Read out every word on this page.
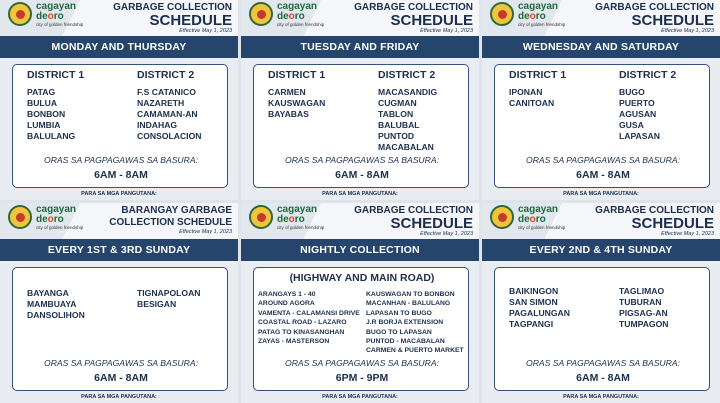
cagayan
deoro
city of golden friendship
GARBAGE COLLECTION
SCHEDULE
Effective May 1, 2023
MONDAY AND THURSDAY
DISTRICT 1
PATAG
BULUA
BONBON
LUMBIA
BALULANG
DISTRICT 2
F.S CATANICO
NAZARETH
CAMAMAN-AN
INDAHAG
CONSOLACION
ORAS SA PAGPAGAWAS SA BASURA:
6AM - 8AM
PARA SA MGA PANGUTANA:
cagayan
deoro
city of golden friendship
GARBAGE COLLECTION
SCHEDULE
Effective May 1, 2023
TUESDAY AND FRIDAY
DISTRICT 1
CARMEN
KAUSWAGAN
BAYABAS
DISTRICT 2
MACASANDIG
CUGMAN
TABLON
BALUBAL
PUNTOD
MACABALAN
ORAS SA PAGPAGAWAS SA BASURA:
6AM - 8AM
PARA SA MGA PANGUTANA:
cagayan
deoro
city of golden friendship
GARBAGE COLLECTION
SCHEDULE
Effective May 1, 2023
WEDNESDAY AND SATURDAY
DISTRICT 1
IPONAN
CANITOAN
DISTRICT 2
BUGO
PUERTO
AGUSAN
GUSA
LAPASAN
ORAS SA PAGPAGAWAS SA BASURA:
6AM - 8AM
PARA SA MGA PANGUTANA:
cagayan
deoro
city of golden friendship
BARANGAY GARBAGE
COLLECTION SCHEDULE
Effective May 1, 2023
EVERY 1ST & 3RD SUNDAY
BAYANGA
MAMBUAYA
DANSOLIHON
TIGNAPOLOAN
BESIGAN
ORAS SA PAGPAGAWAS SA BASURA:
6AM - 8AM
PARA SA MGA PANGUTANA:
cagayan
deoro
city of golden friendship
GARBAGE COLLECTION
SCHEDULE
Effective May 1, 2023
NIGHTLY COLLECTION
(HIGHWAY AND MAIN ROAD)
ARANGAYS 1 - 40
AROUND AGORA
VAMENTA - CALAMANSI DRIVE
COASTAL ROAD - LAZARO
PATAG TO KINASANGHAN
ZAYAS - MASTERSON
KAUSWAGAN TO BONBON
MACANHAN - BALULANG
LAPASAN TO BUGO
J.R BORJA EXTENSION
BUGO TO LAPASAN
PUNTOD - MACABALAN
CARMEN & PUERTO MARKET
ORAS SA PAGPAGAWAS SA BASURA:
6PM - 9PM
PARA SA MGA PANGUTANA:
cagayan
deoro
city of golden friendship
GARBAGE COLLECTION
SCHEDULE
Effective May 1, 2023
EVERY 2ND & 4TH SUNDAY
BAIKINGON
SAN SIMON
PAGALUNGAN
TAGPANGI
TAGLIMAO
TUBURAN
PIGSAG-AN
TUMPAGON
ORAS SA PAGPAGAWAS SA BASURA:
6AM - 8AM
PARA SA MGA PANGUTANA:
